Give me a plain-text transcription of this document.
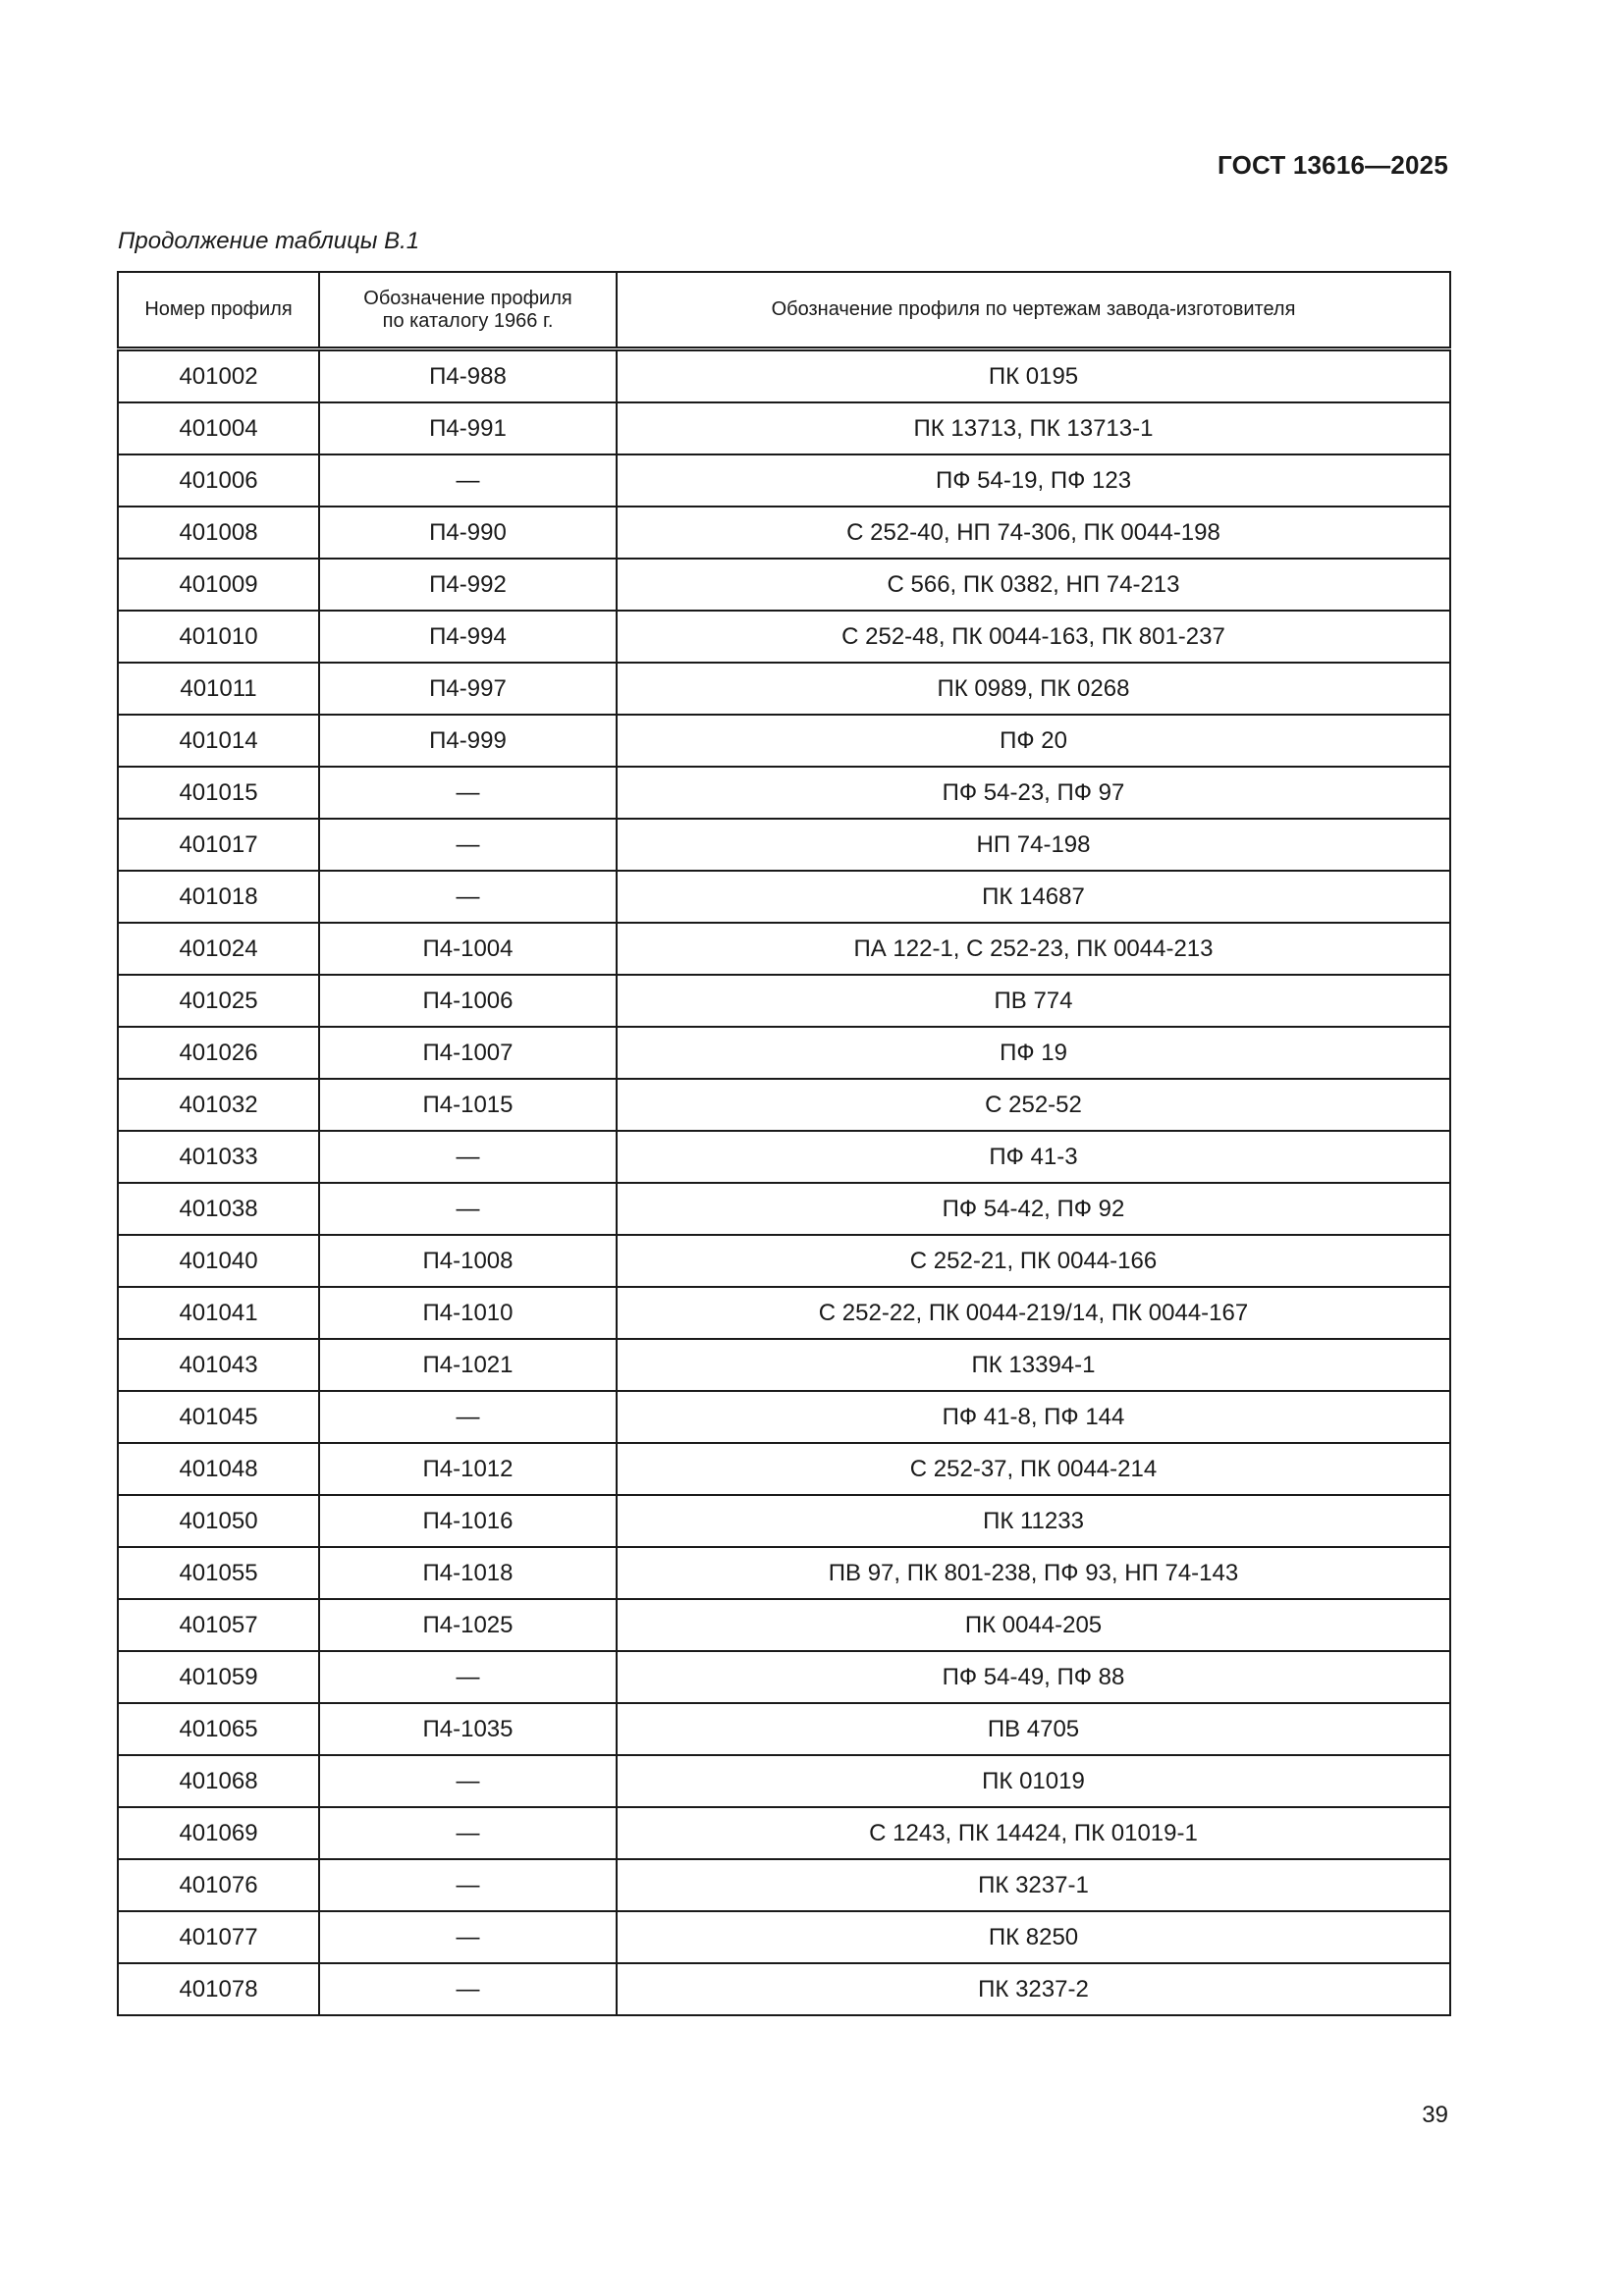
ГОСТ 13616—2025
Продолжение таблицы В.1
Номер профиля	Обозначение профиля по каталогу 1966 г.	Обозначение профиля по чертежам завода-изготовителя
401002	П4-988	ПК 0195
401004	П4-991	ПК 13713, ПК 13713-1
401006	—	ПФ 54-19, ПФ 123
401008	П4-990	С 252-40, НП 74-306, ПК 0044-198
401009	П4-992	С 566, ПК 0382, НП 74-213
401010	П4-994	С 252-48, ПК 0044-163, ПК 801-237
401011	П4-997	ПК 0989, ПК 0268
401014	П4-999	ПФ 20
401015	—	ПФ 54-23, ПФ 97
401017	—	НП 74-198
401018	—	ПК 14687
401024	П4-1004	ПА 122-1, С 252-23, ПК 0044-213
401025	П4-1006	ПВ 774
401026	П4-1007	ПФ 19
401032	П4-1015	С 252-52
401033	—	ПФ 41-3
401038	—	ПФ 54-42, ПФ 92
401040	П4-1008	С 252-21, ПК 0044-166
401041	П4-1010	С 252-22, ПК 0044-219/14, ПК 0044-167
401043	П4-1021	ПК 13394-1
401045	—	ПФ 41-8, ПФ 144
401048	П4-1012	С 252-37, ПК 0044-214
401050	П4-1016	ПК 11233
401055	П4-1018	ПВ 97, ПК 801-238, ПФ 93, НП 74-143
401057	П4-1025	ПК 0044-205
401059	—	ПФ 54-49, ПФ 88
401065	П4-1035	ПВ 4705
401068	—	ПК 01019
401069	—	С 1243, ПК 14424, ПК 01019-1
401076	—	ПК 3237-1
401077	—	ПК 8250
401078	—	ПК 3237-2
39
